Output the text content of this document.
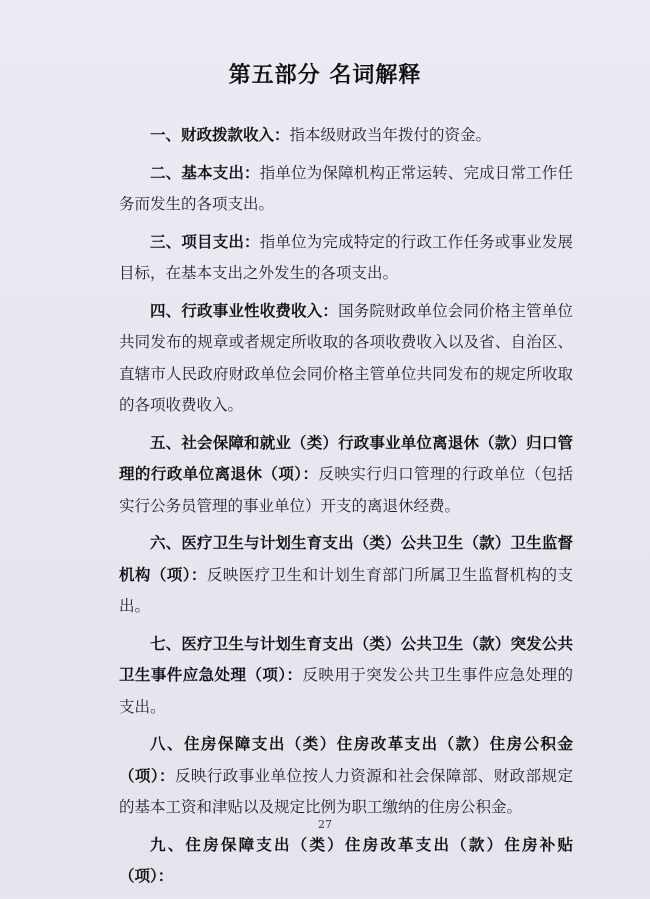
第五部分 名词解释

一、财政拨款收入：指本级财政当年拨付的资金。

二、基本支出：指单位为保障机构正常运转、完成日常工作任务而发生的各项支出。

三、项目支出：指单位为完成特定的行政工作任务或事业发展目标，在基本支出之外发生的各项支出。

四、行政事业性收费收入：国务院财政单位会同价格主管单位共同发布的规章或者规定所收取的各项收费收入以及省、自治区、直辖市人民政府财政单位会同价格主管单位共同发布的规定所收取的各项收费收入。

五、社会保障和就业（类）行政事业单位离退休（款）归口管理的行政单位离退休（项）：反映实行归口管理的行政单位（包括实行公务员管理的事业单位）开支的离退休经费。

六、医疗卫生与计划生育支出（类）公共卫生（款）卫生监督机构（项）：反映医疗卫生和计划生育部门所属卫生监督机构的支出。

七、医疗卫生与计划生育支出（类）公共卫生（款）突发公共卫生事件应急处理（项）：反映用于突发公共卫生事件应急处理的支出。

八、住房保障支出（类）住房改革支出（款）住房公积金（项）：反映行政事业单位按人力资源和社会保障部、财政部规定的基本工资和津贴以及规定比例为职工缴纳的住房公积金。

九、住房保障支出（类）住房改革支出（款）住房补贴（项）：

27
